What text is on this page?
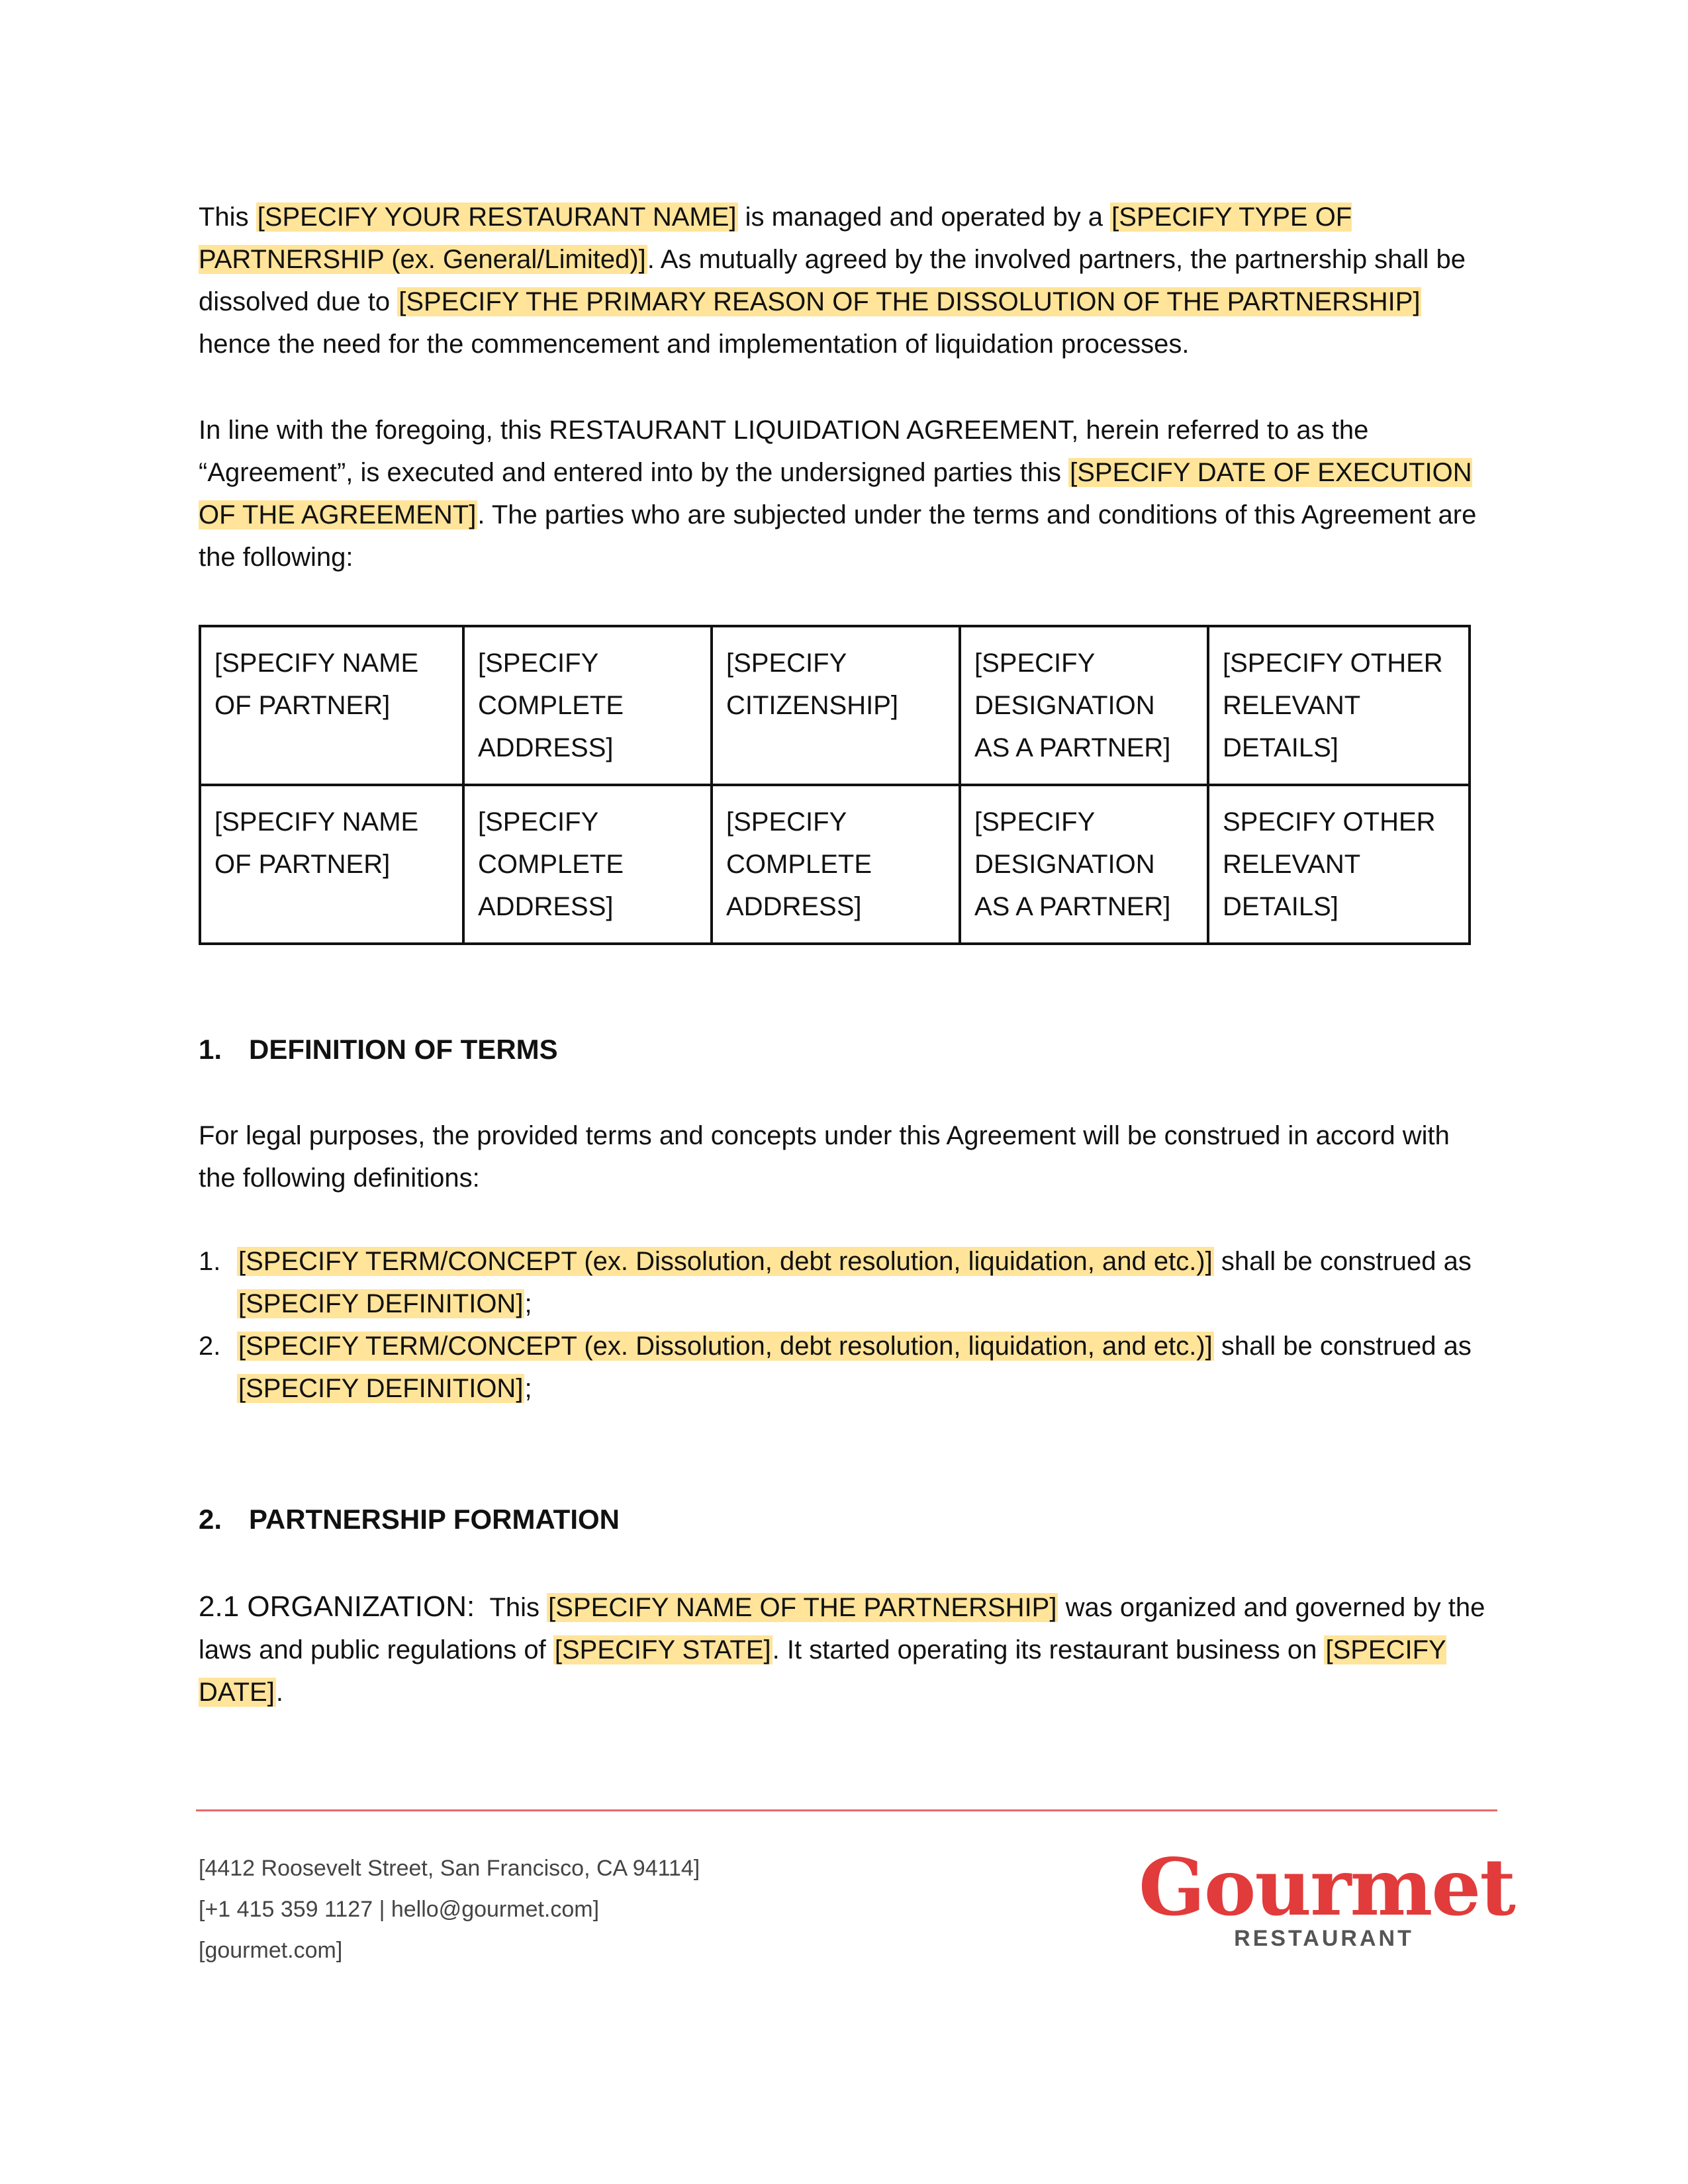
This [SPECIFY YOUR RESTAURANT NAME] is managed and operated by a [SPECIFY TYPE OF PARTNERSHIP (ex. General/Limited)]. As mutually agreed by the involved partners, the partnership shall be dissolved due to [SPECIFY THE PRIMARY REASON OF THE DISSOLUTION OF THE PARTNERSHIP] hence the need for the commencement and implementation of liquidation processes.

In line with the foregoing, this RESTAURANT LIQUIDATION AGREEMENT, herein referred to as the “Agreement”, is executed and entered into by the undersigned parties this [SPECIFY DATE OF EXECUTION OF THE AGREEMENT]. The parties who are subjected under the terms and conditions of this Agreement are the following:

[SPECIFY NAME OF PARTNER]	[SPECIFY COMPLETE ADDRESS]	[SPECIFY CITIZENSHIP]	[SPECIFY DESIGNATION AS A PARTNER]	[SPECIFY OTHER RELEVANT DETAILS]
[SPECIFY NAME OF PARTNER]	[SPECIFY COMPLETE ADDRESS]	[SPECIFY COMPLETE ADDRESS]	[SPECIFY DESIGNATION AS A PARTNER]	SPECIFY OTHER RELEVANT DETAILS]
1. DEFINITION OF TERMS

For legal purposes, the provided terms and concepts under this Agreement will be construed in accord with the following definitions:

1. [SPECIFY TERM/CONCEPT (ex. Dissolution, debt resolution, liquidation, and etc.)] shall be construed as [SPECIFY DEFINITION];
2. [SPECIFY TERM/CONCEPT (ex. Dissolution, debt resolution, liquidation, and etc.)] shall be construed as [SPECIFY DEFINITION];
2. PARTNERSHIP FORMATION

2.1 ORGANIZATION: This [SPECIFY NAME OF THE PARTNERSHIP] was organized and governed by the laws and public regulations of [SPECIFY STATE]. It started operating its restaurant business on [SPECIFY DATE].

[4412 Roosevelt Street, San Francisco, CA 94114]
[+1 415 359 1127 | hello@gourmet.com]
[gourmet.com]
Gourmet
RESTAURANT
